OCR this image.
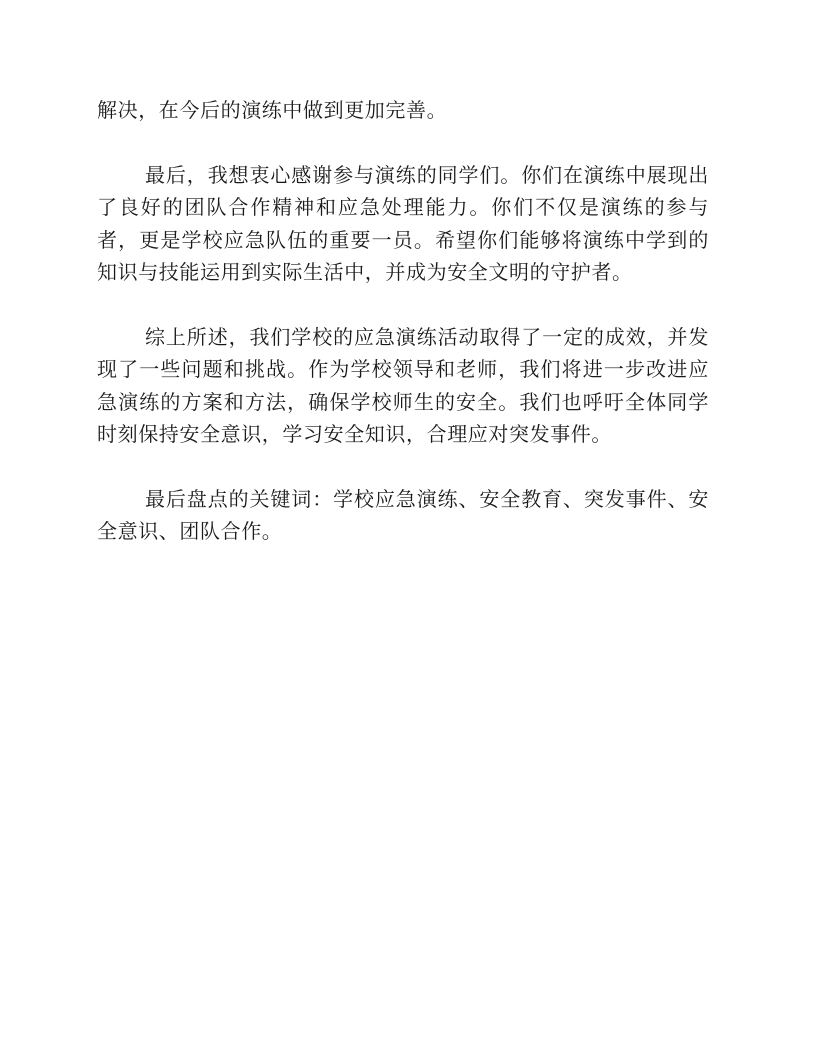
解决，在今后的演练中做到更加完善。

最后，我想衷心感谢参与演练的同学们。你们在演练中展现出了良好的团队合作精神和应急处理能力。你们不仅是演练的参与者，更是学校应急队伍的重要一员。希望你们能够将演练中学到的知识与技能运用到实际生活中，并成为安全文明的守护者。

综上所述，我们学校的应急演练活动取得了一定的成效，并发现了一些问题和挑战。作为学校领导和老师，我们将进一步改进应急演练的方案和方法，确保学校师生的安全。我们也呼吁全体同学时刻保持安全意识，学习安全知识，合理应对突发事件。

最后盘点的关键词：学校应急演练、安全教育、突发事件、安全意识、团队合作。
